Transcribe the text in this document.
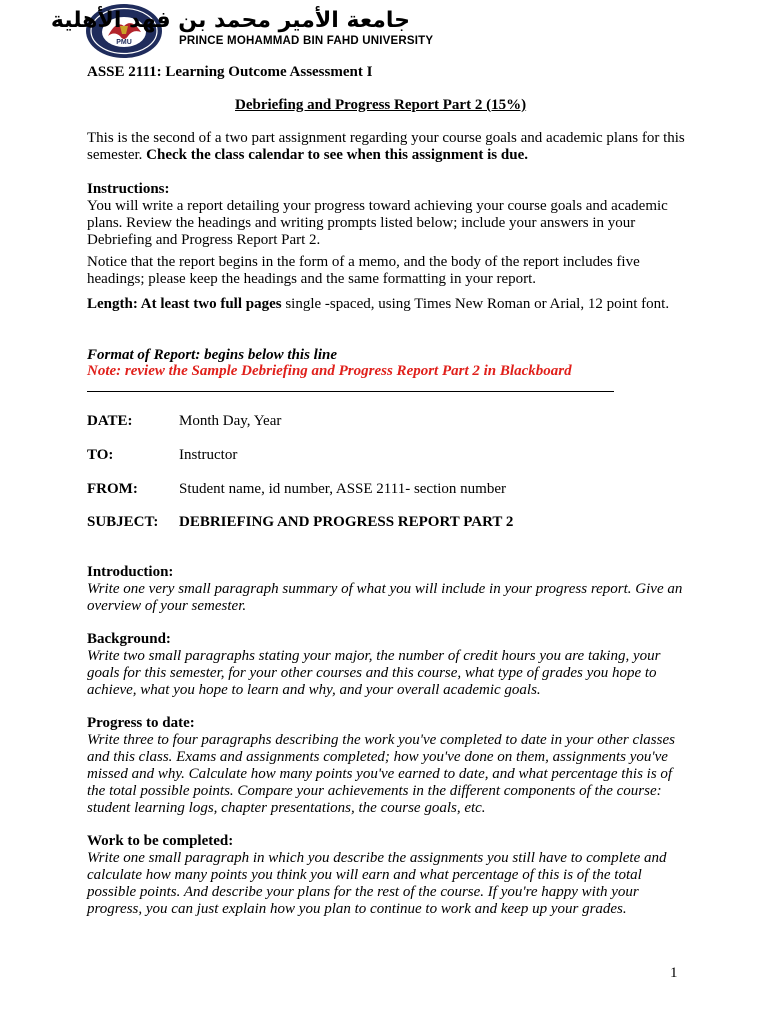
PMU
جامعة الأمير محمد بن فهد الأهلية
PRINCE MOHAMMAD BIN FAHD UNIVERSITY
ASSE 2111: Learning Outcome Assessment I
Debriefing and Progress Report Part 2 (15%)
This is the second of a two part assignment regarding your course goals and academic plans for this semester. Check the class calendar to see when this assignment is due.
Instructions:
You will write a report detailing your progress toward achieving your course goals and academic plans. Review the headings and writing prompts listed below; include your answers in your Debriefing and Progress Report Part 2.
Notice that the report begins in the form of a memo, and the body of the report includes five headings; please keep the headings and the same formatting in your report.
Length: At least two full pages single -spaced, using Times New Roman or Arial, 12 point font.
Format of Report: begins below this line
Note: review the Sample Debriefing and Progress Report Part 2 in Blackboard
DATE:	Month Day, Year
TO:	Instructor
FROM:	Student name, id number, ASSE 2111- section number
SUBJECT: DEBRIEFING AND PROGRESS REPORT PART 2
Introduction:
Write one very small paragraph summary of what you will include in your progress report. Give an overview of your semester.
Background:
Write two small paragraphs stating your major, the number of credit hours you are taking, your goals for this semester, for your other courses and this course, what type of grades you hope to achieve, what you hope to learn and why, and your overall academic goals.
Progress to date:
Write three to four paragraphs describing the work you've completed to date in your other classes and this class. Exams and assignments completed; how you've done on them, assignments you've missed and why. Calculate how many points you've earned to date, and what percentage this is of the total possible points. Compare your achievements in the different components of the course: student learning logs, chapter presentations, the course goals, etc.
Work to be completed:
Write one small paragraph in which you describe the assignments you still have to complete and calculate how many points you think you will earn and what percentage of this is of the total possible points. And describe your plans for the rest of the course. If you're happy with your progress, you can just explain how you plan to continue to work and keep up your grades.
1
